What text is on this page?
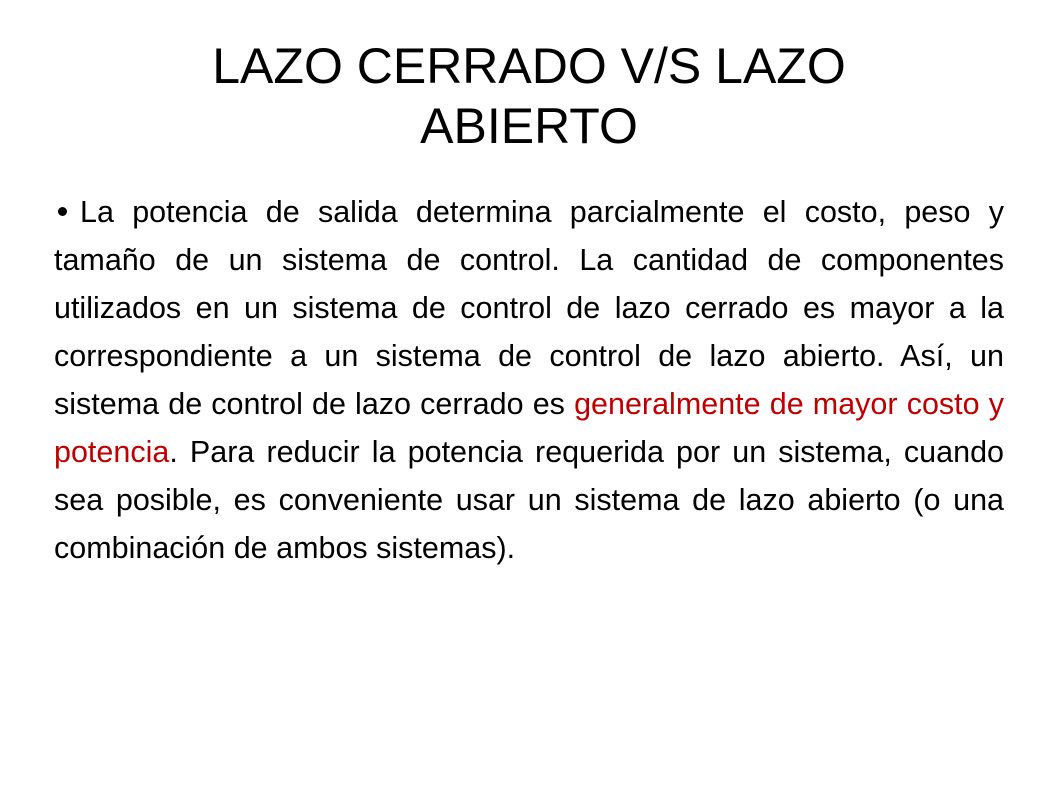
LAZO CERRADO V/S LAZO ABIERTO

La potencia de salida determina parcialmente el costo, peso y tamaño de un sistema de control. La cantidad de componentes utilizados en un sistema de control de lazo cerrado es mayor a la correspondiente a un sistema de control de lazo abierto. Así, un sistema de control de lazo cerrado es generalmente de mayor costo y potencia. Para reducir la potencia requerida por un sistema, cuando sea posible, es conveniente usar un sistema de lazo abierto (o una combinación de ambos sistemas).
